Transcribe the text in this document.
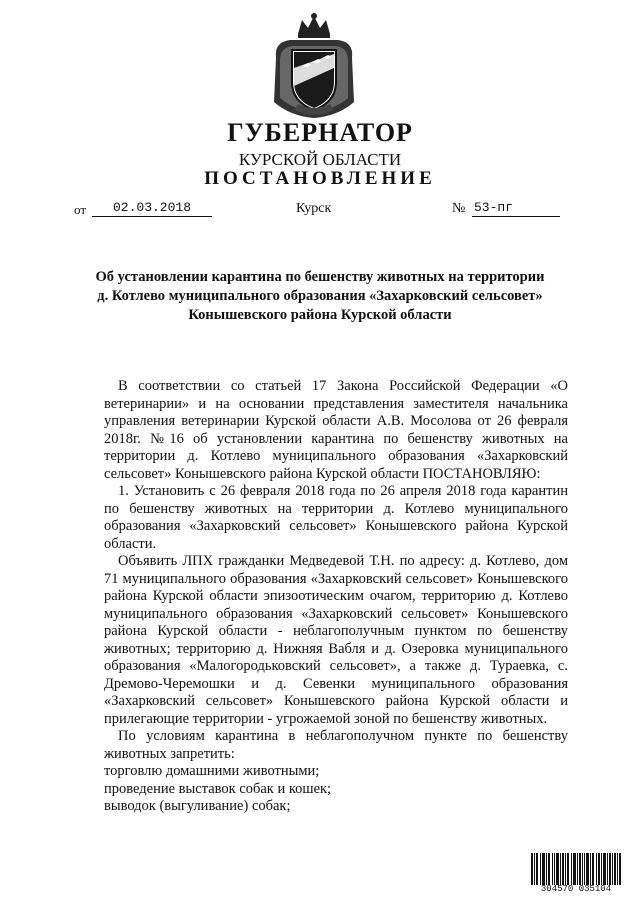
ГУБЕРНАТОР
КУРСКОЙ ОБЛАСТИ
ПОСТАНОВЛЕНИЕ
от	02.03.2018	Курск	№ 53-пг
Об установлении карантина по бешенству животных на территории
д. Котлево муниципального образования «Захарковский сельсовет»
Конышевского района Курской области

В соответствии со статьей 17 Закона Российской Федерации «О ветеринарии» и на основании представления заместителя начальника управления ветеринарии Курской области А.В. Мосолова от 26 февраля 2018г. №16 об установлении карантина по бешенству животных на территории д. Котлево муниципального образования «Захарковский сельсовет» Конышевского района Курской области ПОСТАНОВЛЯЮ:

1. Установить с 26 февраля 2018 года по 26 апреля 2018 года карантин по бешенству животных на территории д. Котлево муниципального образования «Захарковский сельсовет» Конышевского района Курской области.

Объявить ЛПХ гражданки Медведевой Т.Н. по адресу: д. Котлево, дом 71 муниципального образования «Захарковский сельсовет» Конышевского района Курской области эпизоотическим очагом, территорию д. Котлево муниципального образования «Захарковский сельсовет» Конышевского района Курской области - неблагополучным пунктом по бешенству животных; территорию д. Нижняя Вабля и д. Озеровка муниципального образования «Малогородьковский сельсовет», а также д. Тураевка, с. Дремово-Черемошки и д. Севенки муниципального образования «Захарковский сельсовет» Конышевского района Курской области и прилегающие территории - угрожаемой зоной по бешенству животных.

По условиям карантина в неблагополучном пункте по бешенству животных запретить:

торговлю домашними животными;

проведение выставок собак и кошек;

выводок (выгуливание) собак;

304570 035104
